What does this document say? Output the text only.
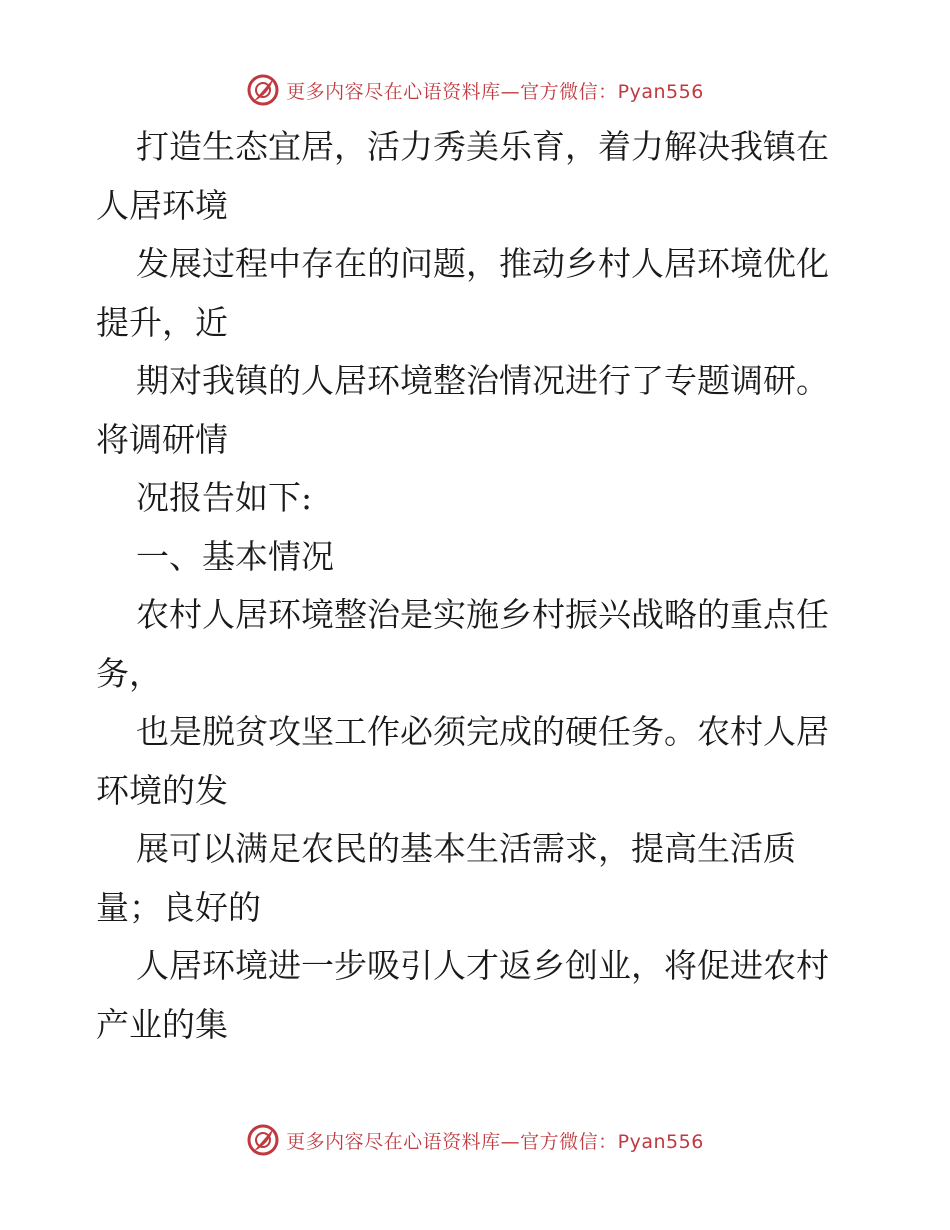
更多内容尽在心语资料库—官方微信：Pyan556
打造生态宜居，活力秀美乐育，着力解决我镇在
人居环境
发展过程中存在的问题，推动乡村人居环境优化
提升，近
期对我镇的人居环境整治情况进行了专题调研。
将调研情
况报告如下:
一、基本情况
农村人居环境整治是实施乡村振兴战略的重点任
务，
也是脱贫攻坚工作必须完成的硬任务。农村人居
环境的发
展可以满足农民的基本生活需求，提高生活质
量；良好的
人居环境进一步吸引人才返乡创业，将促进农村
产业的集
更多内容尽在心语资料库—官方微信：Pyan556
